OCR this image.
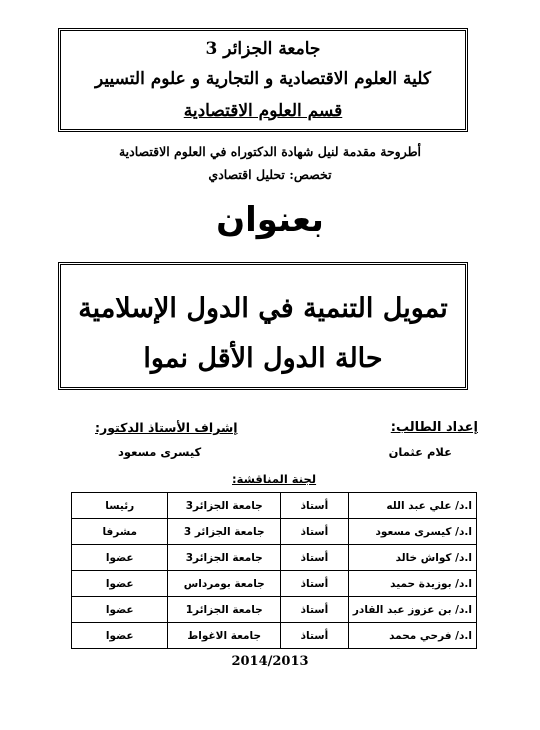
جامعة الجزائر 3
كلية العلوم الاقتصادية و التجارية و علوم التسيير
قسم العلوم الاقتصادية
أطروحة مقدمة لنيل شهادة الدكتوراه في العلوم الاقتصادية
تخصص: تحليل اقتصادي
بعنوان
تمويل التنمية في الدول الإسلامية
حالة الدول الأقل نموا
إعداد الطالب:
علام عثمان
إشراف الأستاذ الدكتور:
كيسرى مسعود
لجنة المناقشة:
ا.د/ علي عبد الله	أستاذ	جامعة الجزائر3	رئيسا
ا.د/ كيسرى مسعود	أستاذ	جامعة الجزائر 3	مشرفا
ا.د/ كواش خالد	أستاذ	جامعة الجزائر3	عضوا
ا.د/ بوزيدة حميد	أستاذ	جامعة بومرداس	عضوا
ا.د/ بن عزوز عبد القادر	أستاذ	جامعة الجزائر1	عضوا
ا.د/ فرحي محمد	أستاذ	جامعة الاغواط	عضوا
2014/2013
